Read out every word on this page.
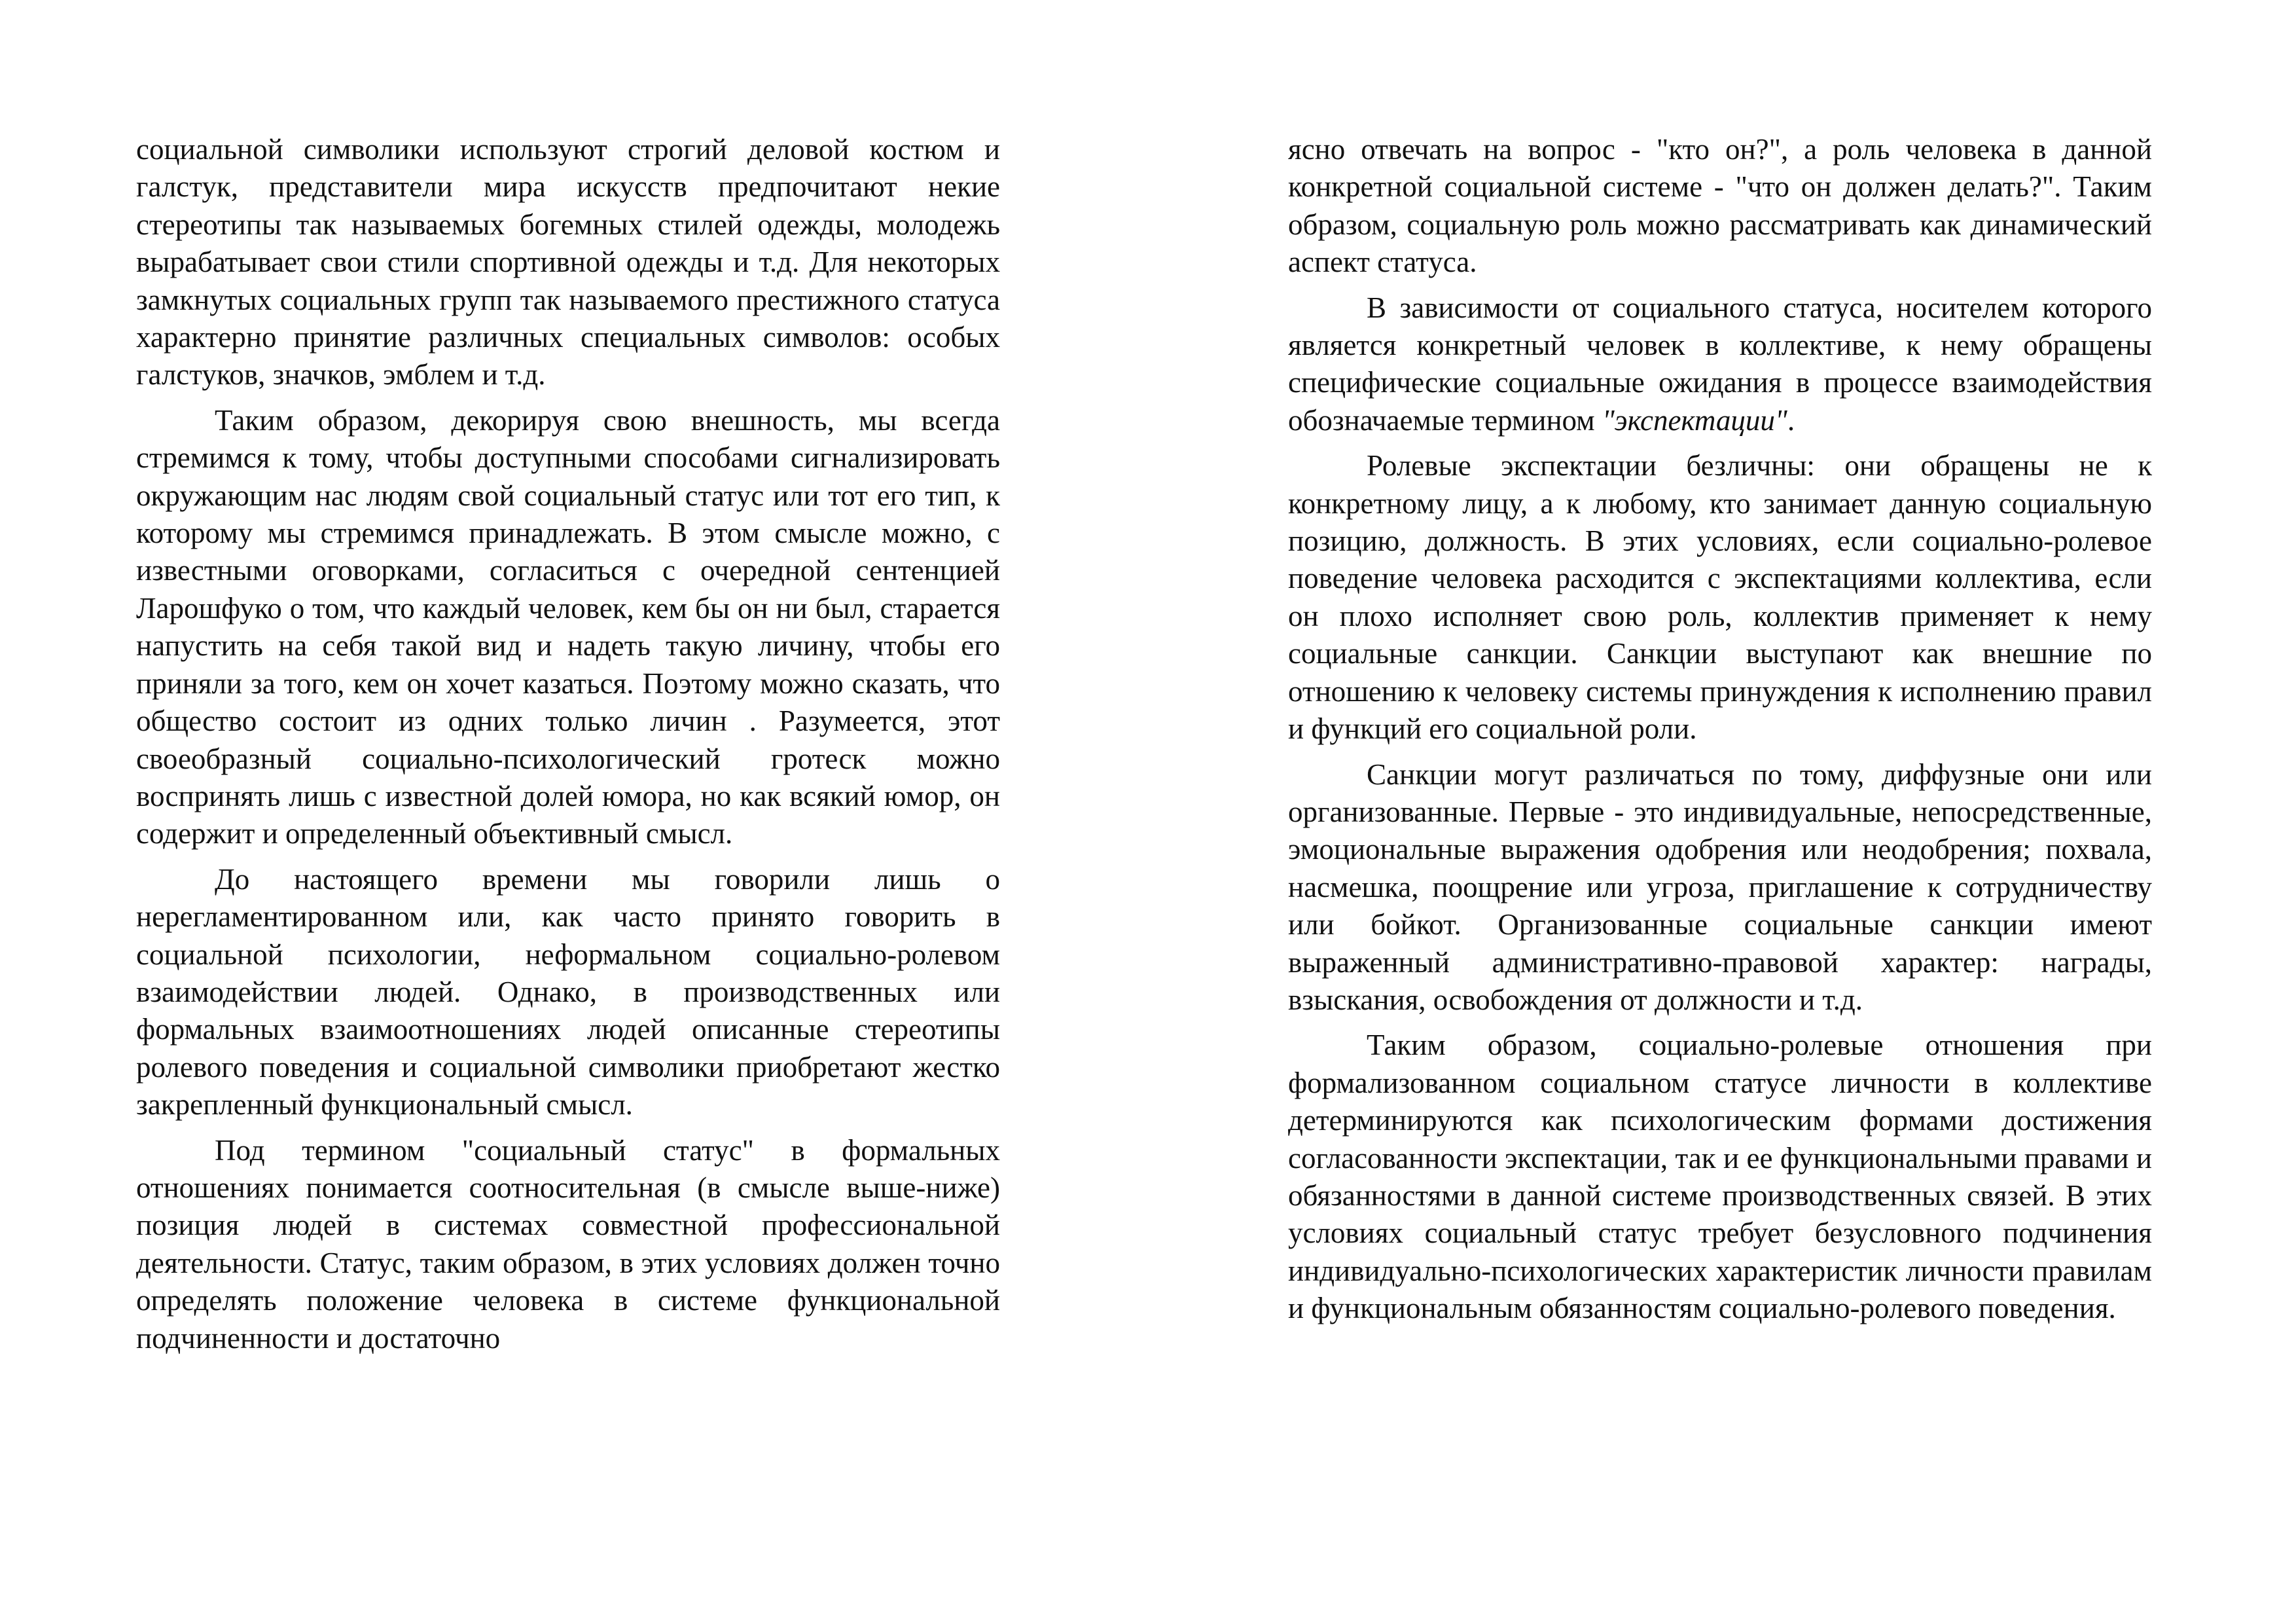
социальной символики используют строгий деловой костюм и галстук, представители мира искусств предпочитают некие стереотипы так называемых богемных стилей одежды, молодежь вырабатывает свои стили спортивной одежды и т.д. Для некоторых замкнутых социальных групп так называемого престижного статуса характерно принятие различных специальных символов: особых галстуков, значков, эмблем и т.д.

Таким образом, декорируя свою внешность, мы всегда стремимся к тому, чтобы доступными способами сигнализировать окружающим нас людям свой социальный статус или тот его тип, к которому мы стремимся принадлежать. В этом смысле можно, с известными оговорками, согласиться с очередной сентенцией Ларошфуко о том, что каждый человек, кем бы он ни был, старается напустить на себя такой вид и надеть такую личину, чтобы его приняли за того, кем он хочет казаться. Поэтому можно сказать, что общество состоит из одних только личин . Разумеется, этот своеобразный социально-психологический гротеск можно воспринять лишь с известной долей юмора, но как всякий юмор, он содержит и определенный объективный смысл.

До настоящего времени мы говорили лишь о нерегламентированном или, как часто принято говорить в социальной психологии, неформальном социально-ролевом взаимодействии людей. Однако, в производственных или формальных взаимоотношениях людей описанные стереотипы ролевого поведения и социальной символики приобретают жестко закрепленный функциональный смысл.

Под термином "социальный статус" в формальных отношениях понимается соотносительная (в смысле выше-ниже) позиция людей в системах совместной профессиональной деятельности. Статус, таким образом, в этих условиях должен точно определять положение человека в системе функциональной подчиненности и достаточно

ясно отвечать на вопрос - "кто он?", а роль человека в данной конкретной социальной системе - "что он должен делать?". Таким образом, социальную роль можно рассматривать как динамический аспект статуса.

В зависимости от социального статуса, носителем которого является конкретный человек в коллективе, к нему обращены специфические социальные ожидания в процессе взаимодействия обозначаемые термином "экспектации".

Ролевые экспектации безличны: они обращены не к конкретному лицу, а к любому, кто занимает данную социальную позицию, должность. В этих условиях, если социально-ролевое поведение человека расходится с экспектациями коллектива, если он плохо исполняет свою роль, коллектив применяет к нему социальные санкции. Санкции выступают как внешние по отношению к человеку системы принуждения к исполнению правил и функций его социальной роли.

Санкции могут различаться по тому, диффузные они или организованные. Первые - это индивидуальные, непосредственные, эмоциональные выражения одобрения или неодобрения; похвала, насмешка, поощрение или угроза, приглашение к сотрудничеству или бойкот. Организованные социальные санкции имеют выраженный административно-правовой характер: награды, взыскания, освобождения от должности и т.д.

Таким образом, социально-ролевые отношения при формализованном социальном статусе личности в коллективе детерминируются как психологическим формами достижения согласованности экспектации, так и ее функциональными правами и обязанностями в данной системе производственных связей. В этих условиях социальный статус требует безусловного подчинения индивидуально-психологических характеристик личности правилам и функциональным обязанностям социально-ролевого поведения.
